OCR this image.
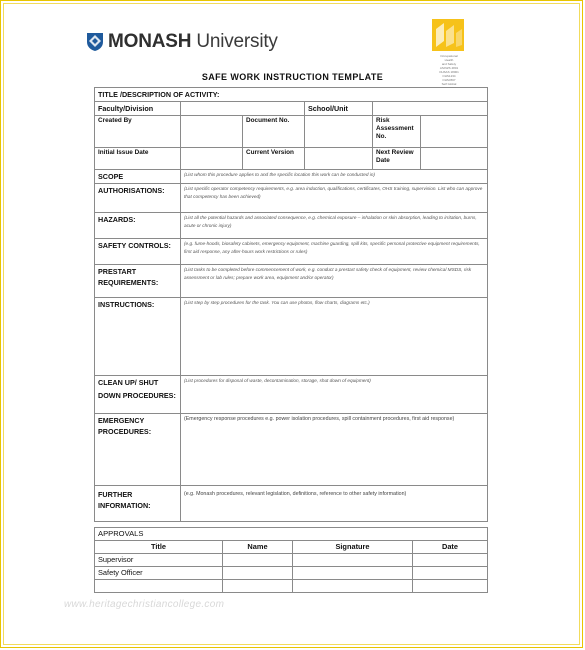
MONASH University
Occupational
Health
and Safety
AS/NZS 4801
OHSAS 18001
OHS1234
OHS4567
Self Global
SAFE WORK INSTRUCTION TEMPLATE
TITLE /DESCRIPTION OF ACTIVITY:				
Faculty/Division			School/Unit	
Created By		Document No.		Risk Assessment No.

Initial Issue Date		Current Version		Next Review Date

SCOPE	(List whom this procedure applies to and the specific location this work can be conducted in)			
AUTHORISATIONS:	(List specific operator competency requirements, e.g. area induction, qualifications, certificates, OHS training, supervision. List who can approve that competency has been achieved)			
HAZARDS:	(List all the potential hazards and associated consequence, e.g. chemical exposure – inhalation or skin absorption, leading to irritation, burns, acute or chronic injury)			
SAFETY CONTROLS:	(e.g. fume-hoods, biosafety cabinets, emergency equipment, machine guarding, spill kits, specific personal protective equipment requirements, first aid response, any after-hours work restrictions or rules)			
PRESTART REQUIREMENTS:	(List tasks to be completed before commencement of work, e.g. conduct a prestart safety check of equipment, review chemical MSDS, risk assessment or lab rules; prepare work area, equipment and/or operator)			
INSTRUCTIONS:	(List step by step procedures for the task. You can use photos, flow charts, diagrams etc.)			
CLEAN UP/ SHUT DOWN PROCEDURES:	(List procedures for disposal of waste, decontamination, storage, shut down of equipment)			
EMERGENCY PROCEDURES:	(Emergency response procedures e.g. power isolation procedures, spill containment procedures, first aid response)			
FURTHER INFORMATION:	(e.g. Monash procedures, relevant legislation, definitions, reference to other safety information)			
APPROVALS			
Title	Name	Signature	Date
Supervisor			
Safety Officer			

www.heritagechristiancollege.com
